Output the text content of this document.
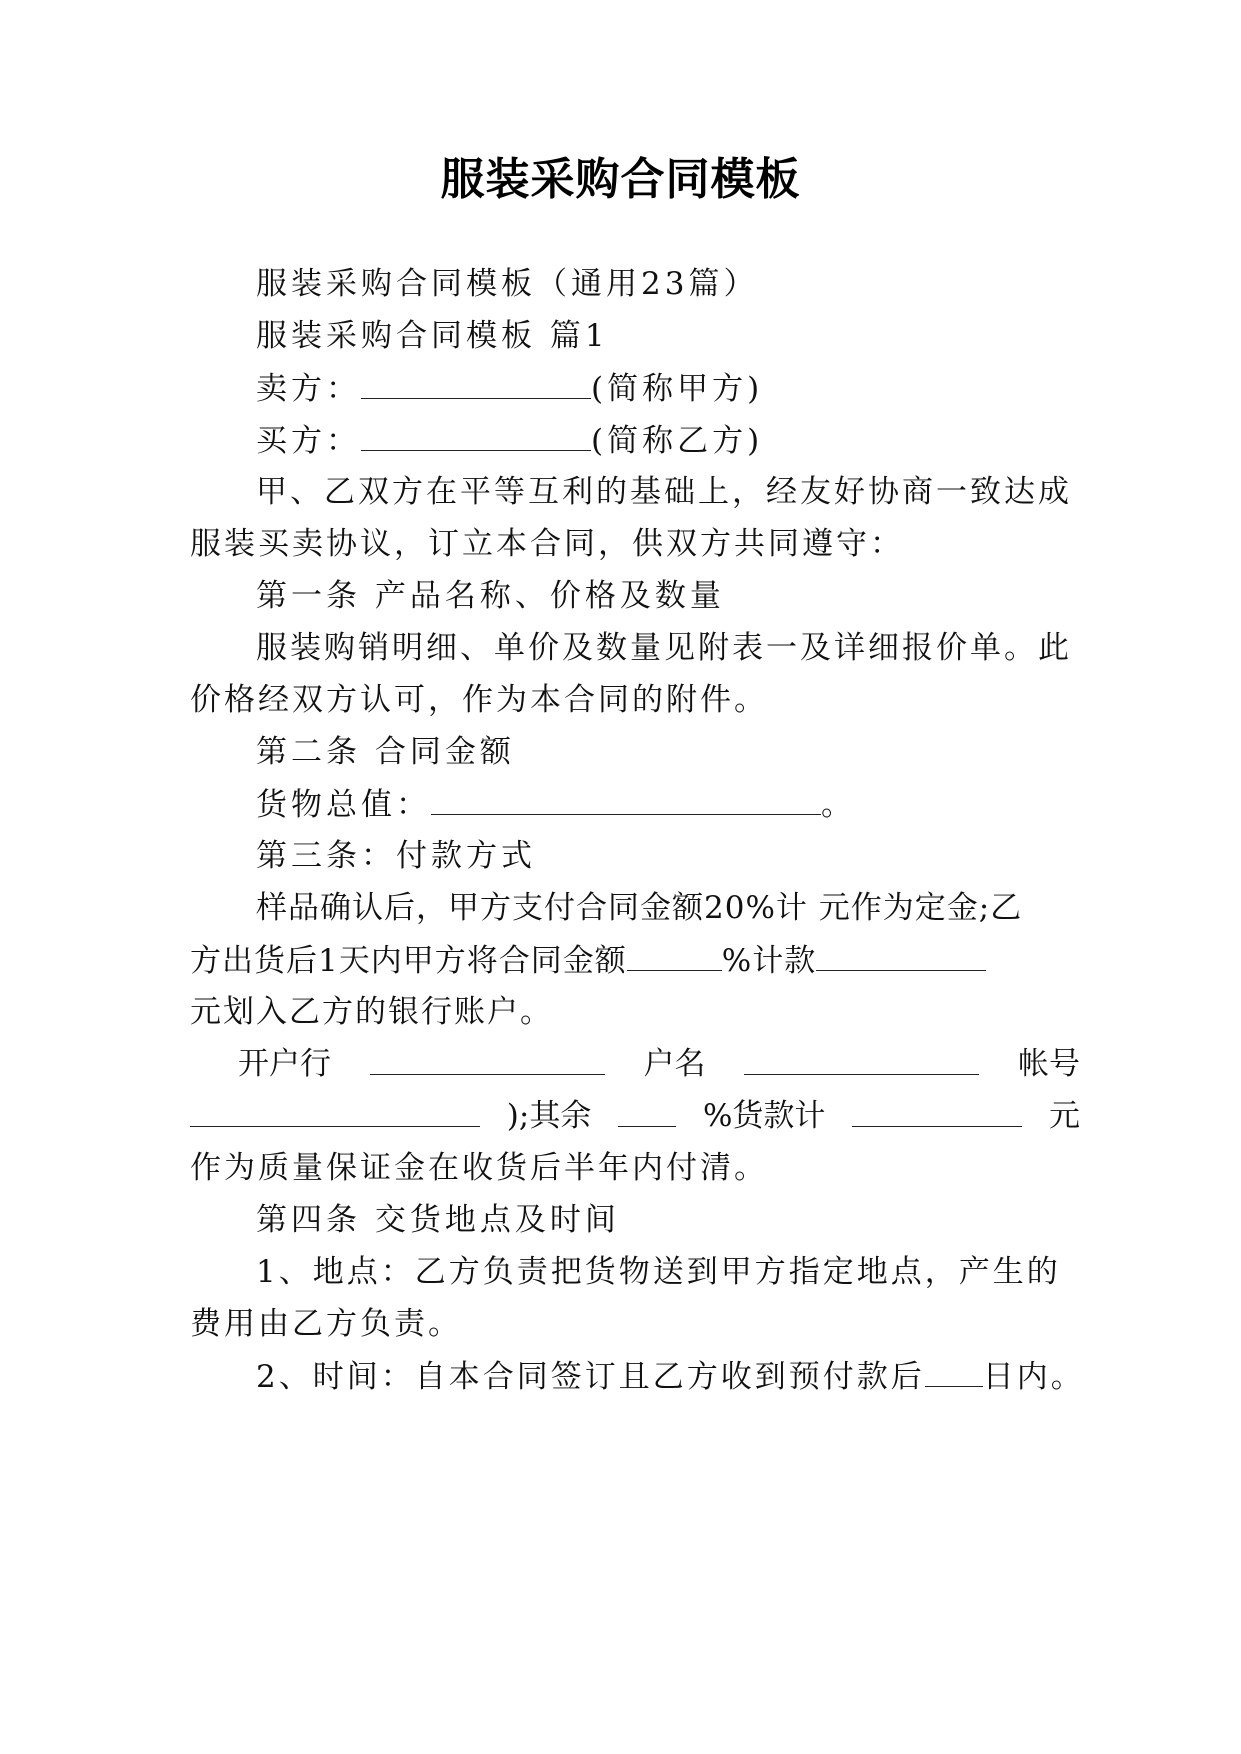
服装采购合同模板
服装采购合同模板（通用23篇）
服装采购合同模板 篇1
卖方：	(简称甲方)
买方：	(简称乙方)
甲、乙双方在平等互利的基础上，经友好协商一致达成
服装买卖协议，订立本合同，供双方共同遵守：
第一条 产品名称、价格及数量
服装购销明细、单价及数量见附表一及详细报价单。此
价格经双方认可，作为本合同的附件。
第二条 合同金额
货物总值：	。
第三条：付款方式
样品确认后，甲方支付合同金额20%计 元作为定金;乙
方出货后1天内甲方将合同金额	%计款
元划入乙方的银行账户。
开户行	户名	帐号
);其余	%货款计	元
作为质量保证金在收货后半年内付清。
第四条 交货地点及时间
1、地点：乙方负责把货物送到甲方指定地点，产生的
费用由乙方负责。
2、时间：自本合同签订且乙方收到预付款后 日内。
